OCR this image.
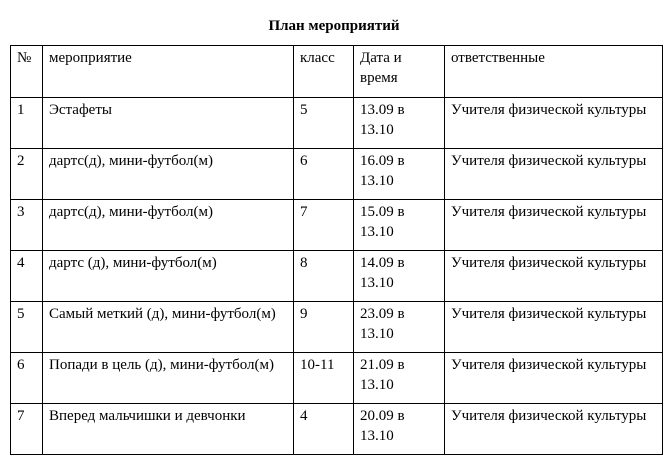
План мероприятий
№	мероприятие	класс	Дата и время	ответственные
1	Эстафеты	5	13.09 в 13.10	Учителя физической культуры
2	дартс(д), мини-футбол(м)	6	16.09 в 13.10	Учителя физической культуры
3	дартс(д), мини-футбол(м)	7	15.09 в 13.10	Учителя физической культуры
4	дартс (д), мини-футбол(м)	8	14.09 в 13.10	Учителя физической культуры
5	Самый меткий (д), мини-футбол(м)	9	23.09 в 13.10	Учителя физической культуры
6	Попади в цель (д), мини-футбол(м)	10-11	21.09 в 13.10	Учителя физической культуры
7	Вперед мальчишки и девчонки	4	20.09 в 13.10	Учителя физической культуры
